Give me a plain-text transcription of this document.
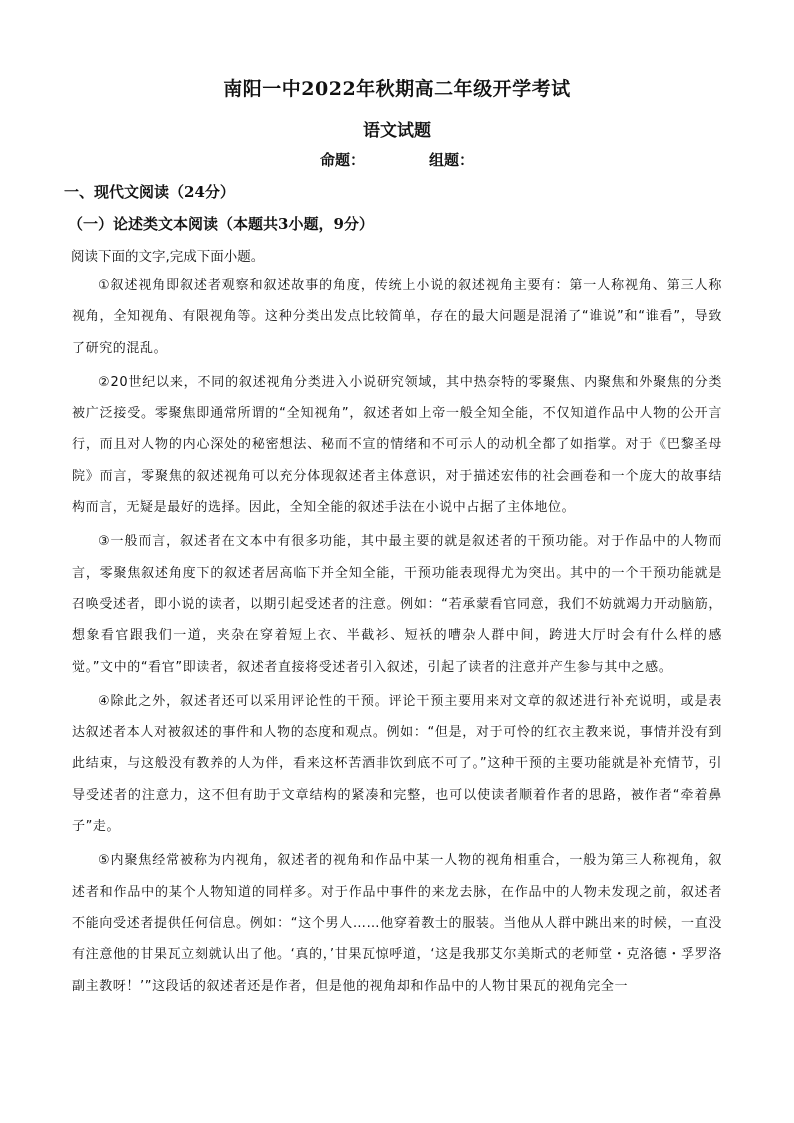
南阳一中2022年秋期高二年级开学考试
语文试题
命题：	组题：
一、现代文阅读（24分）
（一）论述类文本阅读（本题共3小题，9分）
阅读下面的文字,完成下面小题。

①叙述视角即叙述者观察和叙述故事的角度，传统上小说的叙述视角主要有：第一人称视角、第三人称视角，全知视角、有限视角等。这种分类出发点比较简单，存在的最大问题是混淆了“谁说”和“谁看”，导致了研究的混乱。

②20世纪以来，不同的叙述视角分类进入小说研究领域，其中热奈特的零聚焦、内聚焦和外聚焦的分类被广泛接受。零聚焦即通常所谓的“全知视角”，叙述者如上帝一般全知全能，不仅知道作品中人物的公开言行，而且对人物的内心深处的秘密想法、秘而不宣的情绪和不可示人的动机全都了如指掌。对于《巴黎圣母院》而言，零聚焦的叙述视角可以充分体现叙述者主体意识，对于描述宏伟的社会画卷和一个庞大的故事结构而言，无疑是最好的选择。因此，全知全能的叙述手法在小说中占据了主体地位。

③一般而言，叙述者在文本中有很多功能，其中最主要的就是叙述者的干预功能。对于作品中的人物而言，零聚焦叙述角度下的叙述者居高临下并全知全能，干预功能表现得尤为突出。其中的一个干预功能就是召唤受述者，即小说的读者，以期引起受述者的注意。例如：“若承蒙看官同意，我们不妨就竭力开动脑筋，想象看官跟我们一道，夹杂在穿着短上衣、半截衫、短袄的嘈杂人群中间，跨进大厅时会有什么样的感觉。”文中的“看官”即读者，叙述者直接将受述者引入叙述，引起了读者的注意并产生参与其中之感。

④除此之外，叙述者还可以采用评论性的干预。评论干预主要用来对文章的叙述进行补充说明，或是表达叙述者本人对被叙述的事件和人物的态度和观点。例如：“但是，对于可怜的红衣主教来说，事情并没有到此结束，与这般没有教养的人为伴，看来这杯苦酒非饮到底不可了。”这种干预的主要功能就是补充情节，引导受述者的注意力，这不但有助于文章结构的紧凑和完整，也可以使读者顺着作者的思路，被作者“牵着鼻子”走。

⑤内聚焦经常被称为内视角，叙述者的视角和作品中某一人物的视角相重合，一般为第三人称视角，叙述者和作品中的某个人物知道的同样多。对于作品中事件的来龙去脉，在作品中的人物未发现之前，叙述者不能向受述者提供任何信息。例如：“这个男人……他穿着教士的服装。当他从人群中跳出来的时候，一直没有注意他的甘果瓦立刻就认出了他。‘真的，’甘果瓦惊呼道，‘这是我那艾尔美斯式的老师堂・克洛德・孚罗洛副主教呀！’”这段话的叙述者还是作者，但是他的视角却和作品中的人物甘果瓦的视角完全一
